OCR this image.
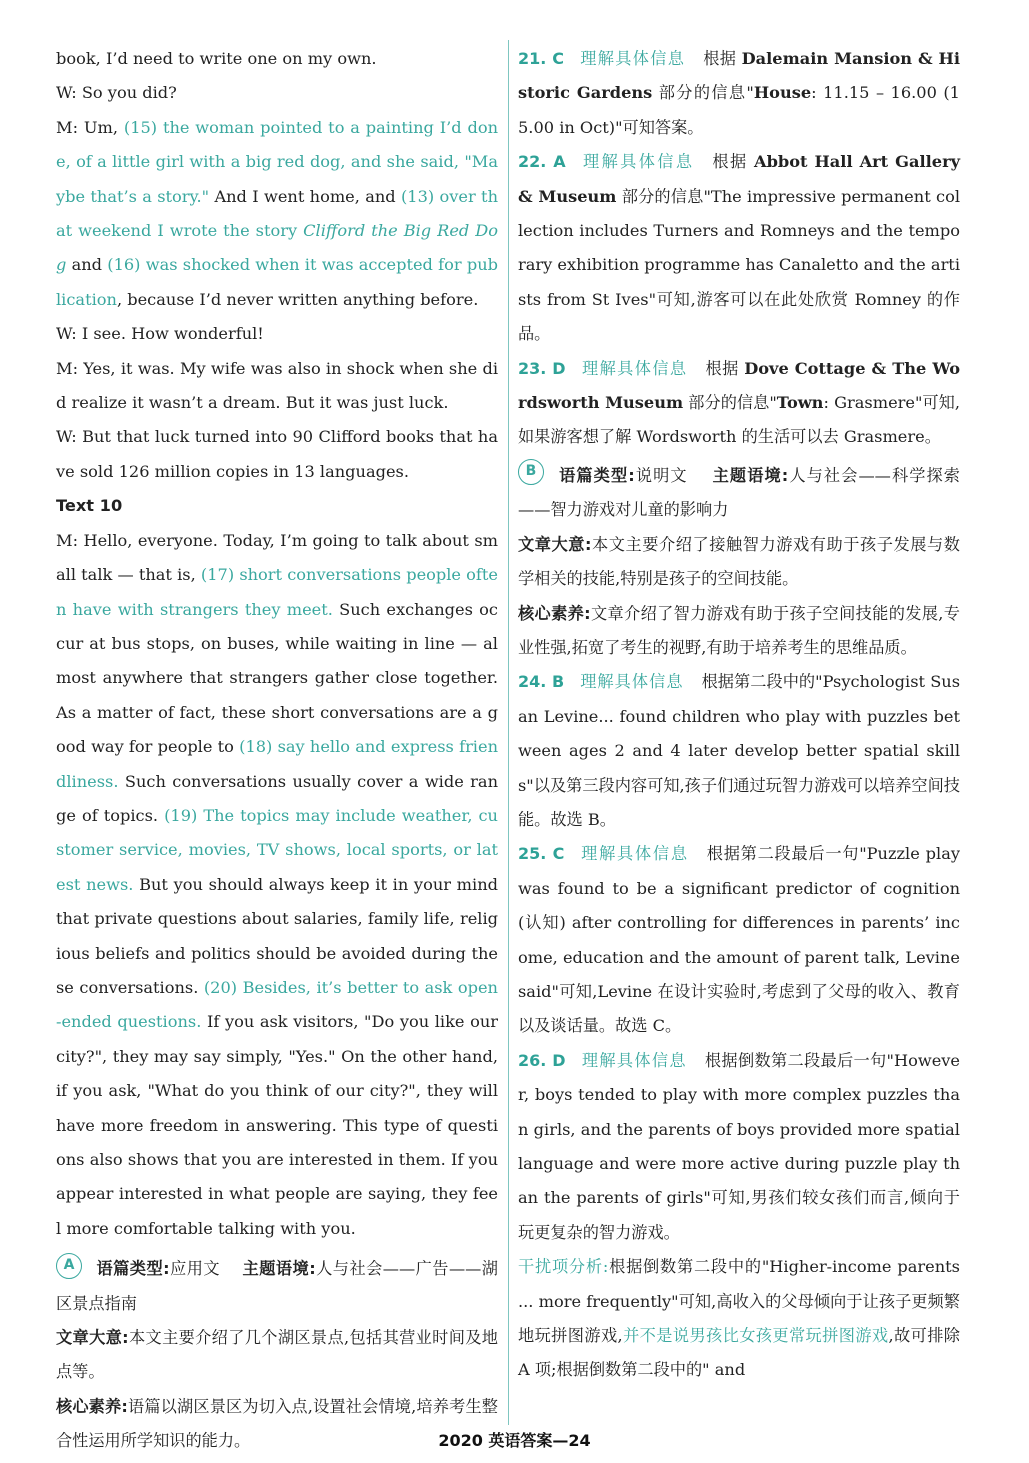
book, I’d need to write one on my own.

W: So you did?

M: Um, (15) the woman pointed to a painting I’d done, of a little girl with a big red dog, and she said, "Maybe that’s a story." And I went home, and (13) over that weekend I wrote the story Clifford the Big Red Dog and (16) was shocked when it was accepted for publication, because I’d never written anything before.

W: I see. How wonderful!

M: Yes, it was. My wife was also in shock when she did realize it wasn’t a dream. But it was just luck.

W: But that luck turned into 90 Clifford books that have sold 126 million copies in 13 languages.

Text 10

M: Hello, everyone. Today, I’m going to talk about small talk — that is, (17) short conversations people often have with strangers they meet. Such exchanges occur at bus stops, on buses, while waiting in line — almost anywhere that strangers gather close together. As a matter of fact, these short conversations are a good way for people to (18) say hello and express friendliness. Such conversations usually cover a wide range of topics. (19) The topics may include weather, customer service, movies, TV shows, local sports, or latest news. But you should always keep it in your mind that private questions about salaries, family life, religious beliefs and politics should be avoided during these conversations. (20) Besides, it’s better to ask open-ended questions. If you ask visitors, "Do you like our city?", they may say simply, "Yes." On the other hand, if you ask, "What do you think of our city?", they will have more freedom in answering. This type of questions also shows that you are interested in them. If you appear interested in what people are saying, they feel more comfortable talking with you.

A 语篇类型:应用文 主题语境:人与社会——广告——湖区景点指南

文章大意:本文主要介绍了几个湖区景点,包括其营业时间及地点等。

核心素养:语篇以湖区景区为切入点,设置社会情境,培养考生整合性运用所学知识的能力。

21. C 理解具体信息 根据 Dalemain Mansion & Historic Gardens 部分的信息"House: 11.15 – 16.00 (15.00 in Oct)"可知答案。

22. A 理解具体信息 根据 Abbot Hall Art Gallery & Museum 部分的信息"The impressive permanent collection includes Turners and Romneys and the temporary exhibition programme has Canaletto and the artists from St Ives"可知,游客可以在此处欣赏 Romney 的作品。

23. D 理解具体信息 根据 Dove Cottage & The Wordsworth Museum 部分的信息"Town: Grasmere"可知,如果游客想了解 Wordsworth 的生活可以去 Grasmere。

B 语篇类型:说明文 主题语境:人与社会——科学探索——智力游戏对儿童的影响力

文章大意:本文主要介绍了接触智力游戏有助于孩子发展与数学相关的技能,特别是孩子的空间技能。

核心素养:文章介绍了智力游戏有助于孩子空间技能的发展,专业性强,拓宽了考生的视野,有助于培养考生的思维品质。

24. B 理解具体信息 根据第二段中的"Psychologist Susan Levine... found children who play with puzzles between ages 2 and 4 later develop better spatial skills"以及第三段内容可知,孩子们通过玩智力游戏可以培养空间技能。故选 B。

25. C 理解具体信息 根据第二段最后一句"Puzzle play was found to be a significant predictor of cognition (认知) after controlling for differences in parents’ income, education and the amount of parent talk, Levine said"可知,Levine 在设计实验时,考虑到了父母的收入、教育以及谈话量。故选 C。

26. D 理解具体信息 根据倒数第二段最后一句"However, boys tended to play with more complex puzzles than girls, and the parents of boys provided more spatial language and were more active during puzzle play than the parents of girls"可知,男孩们较女孩们而言,倾向于玩更复杂的智力游戏。

干扰项分析:根据倒数第二段中的"Higher-income parents ... more frequently"可知,高收入的父母倾向于让孩子更频繁地玩拼图游戏,并不是说男孩比女孩更常玩拼图游戏,故可排除 A 项;根据倒数第二段中的" and

2020 英语答案—24
